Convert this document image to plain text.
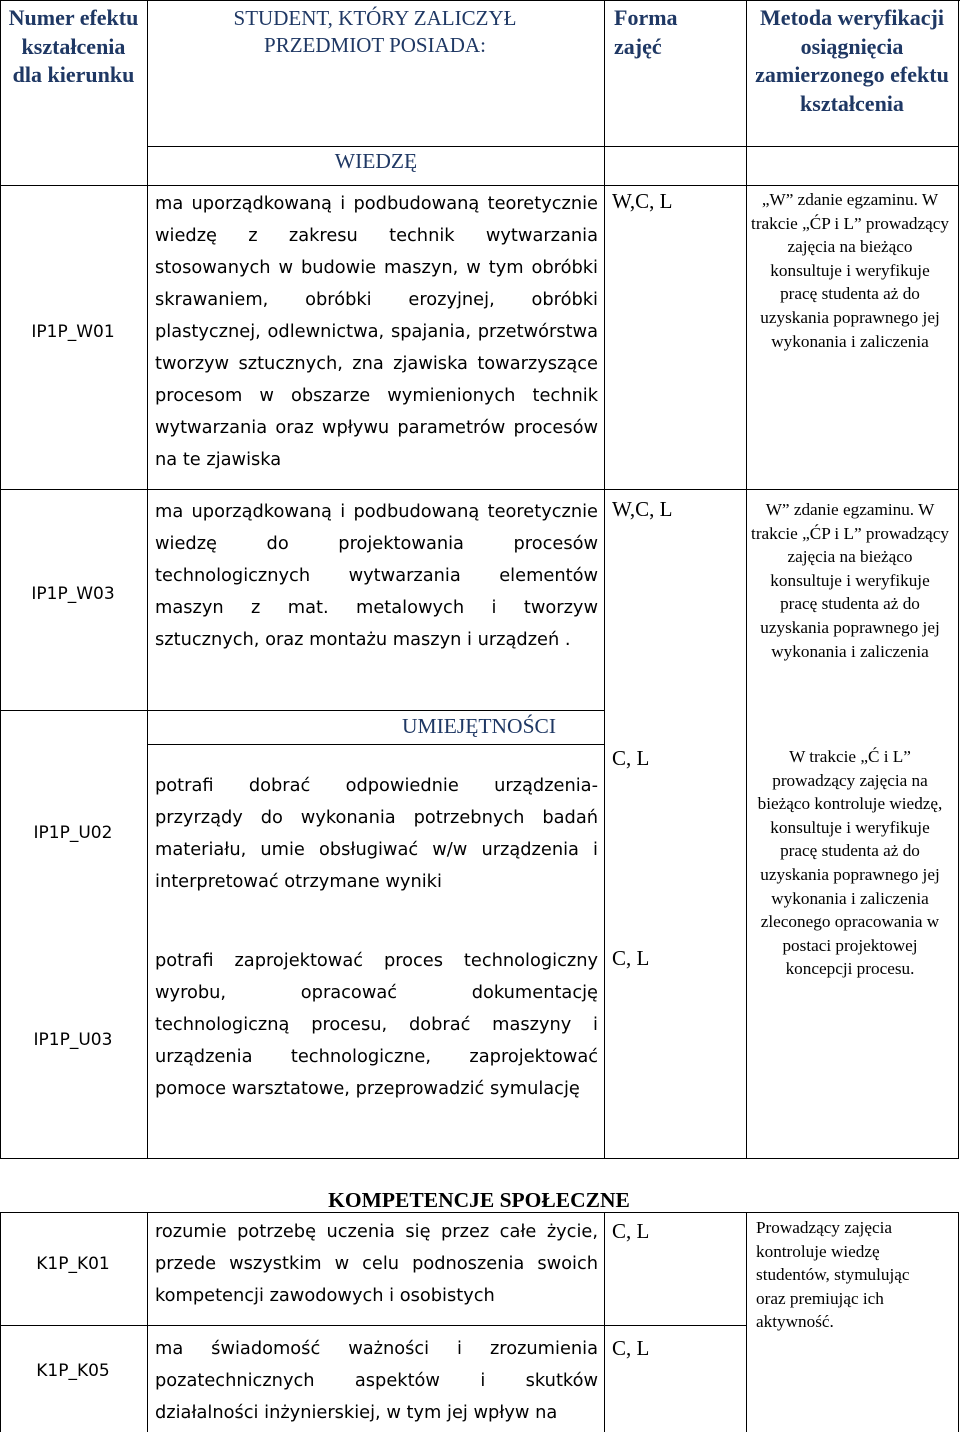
Numer efektu kształcenia dla kierunku
STUDENT, KTÓRY ZALICZYŁ PRZEDMIOT POSIADA:
Forma zajęć
Metoda weryfikacji osiągnięcia zamierzonego efektu kształcenia
WIEDZĘ
IP1P_W01
ma uporządkowaną i podbudowaną teoretycznie wiedzę z zakresu technik wytwarzania stosowanych w budowie maszyn, w tym obróbki skrawaniem, obróbki erozyjnej, obróbki plastycznej, odlewnictwa, spajania, przetwórstwa tworzyw sztucznych, zna zjawiska towarzyszące procesom w obszarze wymienionych technik wytwarzania oraz wpływu parametrów procesów na te zjawiska
W,C, L	„W” zdanie egzaminu. W trakcie „ĆP i L” prowadzący zajęcia na bieżąco konsultuje i weryfikuje pracę studenta aż do uzyskania poprawnego jej wykonania i zaliczenia
IP1P_W03
ma uporządkowaną i podbudowaną teoretycznie wiedzę do projektowania procesów technologicznych wytwarzania elementów maszyn z mat. metalowych i tworzyw sztucznych, oraz montażu maszyn i urządzeń .
W,C, L	W” zdanie egzaminu. W trakcie „ĆP i L” prowadzący zajęcia na bieżąco konsultuje i weryfikuje pracę studenta aż do uzyskania poprawnego jej wykonania i zaliczenia
UMIEJĘTNOŚCI
IP1P_U02
potrafi dobrać odpowiednie urządzenia- przyrządy do wykonania potrzebnych badań materiału, umie obsługiwać w/w urządzenia i interpretować otrzymane wyniki
C, L	W trakcie „Ć i L” prowadzący zajęcia na bieżąco kontroluje wiedzę, konsultuje i weryfikuje pracę studenta aż do uzyskania poprawnego jej wykonania i zaliczenia zleconego opracowania w postaci projektowej koncepcji procesu.
IP1P_U03
potrafi zaprojektować proces technologiczny wyrobu, opracować dokumentację technologiczną procesu, dobrać maszyny i urządzenia technologiczne, zaprojektować pomoce warsztatowe, przeprowadzić symulację
C, L
KOMPETENCJE SPOŁECZNE
K1P_K01
rozumie potrzebę uczenia się przez całe życie, przede wszystkim w celu podnoszenia swoich kompetencji zawodowych i osobistych
C, L	Prowadzący zajęcia kontroluje wiedzę studentów, stymulując oraz premiując ich aktywność.
K1P_K05
ma świadomość ważności i zrozumienia pozatechnicznych aspektów i skutków działalności inżynierskiej, w tym jej wpływ na
C, L
